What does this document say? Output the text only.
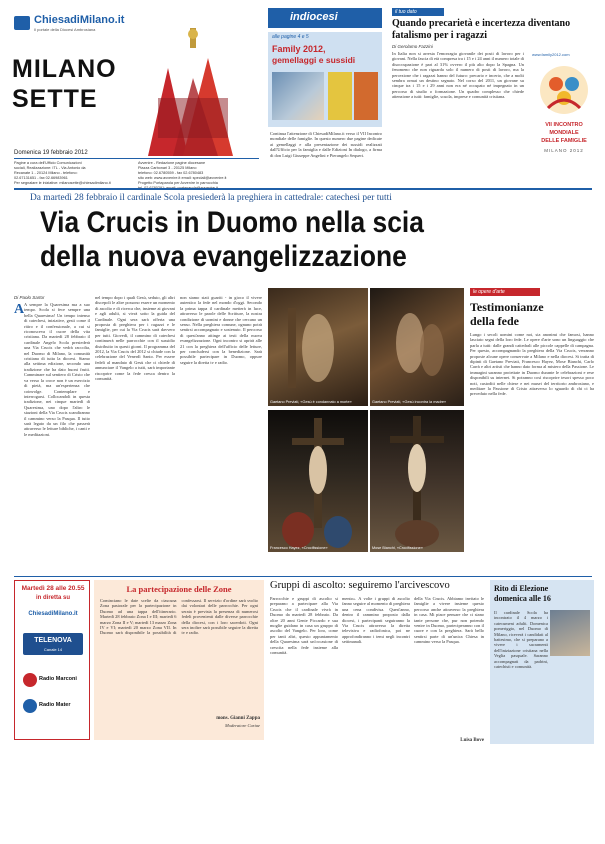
ChiesadiMilano.it
Il portale della Diocesi Ambrosiana
MILANO
SETTE
Domenica 19 febbraio 2012
Pagine a cura dell'Ufficio Comunicazioni
sociali, Realizzazione: ITL - Via Antonio da
Recanate 1 - 20124 Milano - telefono:
02.67131651 - fax 02.66983961
Per segnalare le iniziative: milanosette@chiesadimilano.it
Avvenire - Redazione pagine diocesane
Piazza Carbonari 3 - 20125 Milano
telefono: 02.6780559 - fax 02.6780483
sito web: www.avvenire.it email: speciali@avvenire.it
Progetto Portaparola per Avvenire in parrocchia
indiocesi
alle pagine 4 e 5
Family 2012,
gemellaggi e sussidi
Continua l'attenzione di ChiesadiMilano.it verso il VII Incontro mondiale delle famiglie. In questo numero due pagine dedicate ai gemellaggi e alla presentazione dei sussidi realizzati dall'Ufficio per la famiglia e dalle Edizioni In dialogo, a firma di don Luigi Giuseppe Angelini e Pierangelo Sequeri.
il tuo dato
Quando precarietà e incertezza diventano fatalismo per i ragazzi
Di Gerolamo Fazzini
In Italia non si arresta l'emorragia giovanile dei posti di lavoro per i giovani. Nella fascia di età compresa tra i 15 e i 24 anni il numero totale di disoccupazione è pari al 31% ovvero il più alto dopo la Spagna. Un fenomeno che non riguarda solo il numero di posti di lavoro, ma la percezione che i ragazzi hanno del futuro: precario e incerto, che a molti sembra ormai un destino segnato. Nel corso del 2011, un giovane su cinque tra i 15 e i 29 anni non era né occupato né impegnato in un percorso di studio o formazione. Un quadro complesso che chiede attenzione a tutti: famiglie, scuola, imprese e comunità cristiana.
www.family2012.com
VII INCONTRO
MONDIALE
DELLE FAMIGLIE
MILANO 2012
Da martedì 28 febbraio il cardinale Scola presiederà la preghiera in cattedrale: catechesi per tutti
Via Crucis in Duomo nella scia
della nuova evangelizzazione
Di Paolo Sartor
A A sempre la Quaresima ma a suo tempo. Scola si fece sempre una bella Quaresima! Un tempo intenso di catechesi, iniziative, gesti come il ritiro e il confessionale, a cui si riconosceva il cuore della vita cristiana. Da martedì 28 febbraio il cardinale Angelo Scola presiederà una Via Crucis che vedrà raccolta, nel Duomo di Milano, la comunità cristiana di tutta la diocesi. Siamo alla settima edizione, secondo una tradizione che ha dato buoni frutti. Camminare sul sentiero di Cristo che va verso la croce non è un esercizio di pietà, ma un'esperienza che coinvolge. Contemplare e interrogarsi. Collocandoli in questa tradizione, nei cinque martedì di Quaresima, uno dopo l'altro le stazioni della Via Crucis scandiranno il cammino verso la Pasqua. Il tutto sarà legato da un filo che passerà attraverso le letture bibliche, i canti e le meditazioni.
nel tempo dopo i quali Gesù, seduto, gli altri discepoli le altre possono essere un momento di ascolto e di ricerca che, insieme ai giovani e agli adulti, si vivrà sotto la guida del Cardinale. Ogni sera sarà offerta una proposta di preghiera per i ragazzi e le famiglie, per cui la Via Crucis sarà davvero per tutti. Giovedì, il cammino di catechesi continuerà nelle parrocchie con il sussidio distribuito in questi giorni. Il programma del 2012, la Via Crucis del 2012 si chiude con la celebrazione del Venerdì Santo. Per essere fedeli al mandato di Gesù che ci chiede di annunciare il Vangelo a tutti, sarà importante riscoprire come la fede cresca dentro la comunità.
non siamo stati guariti - in gioco il vivere autentico la fede nel mondo d'oggi. Secondo la prima tappa il cardinale metterà in luce, attraverso le parole delle Scritture, la nostra condizione di uomini e donne che cercano un senso. Nella preghiera comune, ognuno potrà sentirsi accompagnato e sostenuto. Il percorso di quest'anno attinge ai testi della nuova evangelizzazione. Ogni incontro si aprirà alle 21 con la preghiera dell'ufficio delle letture, per concludersi con la benedizione. Sarà possibile partecipare in Duomo, oppure seguire la diretta tv e radio.
Gaetano Previati, «Gesù è condannato a morte»	Gaetano Previati, «Gesù incontra la madre»
Francesco Hayez, «Crocifissione»	Mose Bianchi, «Crocifissione»
le opere d'arte
Testimonianze
della fede
Lungo i secoli uomini come noi, sia anonimi che famosi, hanno lasciato segni della loro fede. Le opere d'arte sono un linguaggio che parla a tutti: dalle grandi cattedrali alle piccole cappelle di campagna. Per questo, accompagnando la preghiera della Via Crucis, verranno proposte alcune opere conservate a Milano e nella diocesi. Si tratta di dipinti di Gaetano Previati, Francesco Hayez, Mose Bianchi, Carlo Carrà e altri artisti che hanno dato forma al mistero della Passione. Le immagini saranno proiettate in Duomo durante le celebrazioni e rese disponibili su internet. Si potranno così riscoprire tesori spesso poco noti, custoditi nelle chiese e nei musei del territorio ambrosiano, e meditare la Passione di Cristo attraverso lo sguardo di chi ci ha preceduto nella fede.
Martedì 28 alle 20.55
in diretta su
ChiesadiMilano.it
TELENOVA
Canale 14
Radio Marconi
Radio Mater
La partecipazione delle Zone
Cominciano le date scelte da ciascuna Zona pastorale per la partecipazione in Duomo ad una tappa dell'itinerario. Martedì 28 febbraio Zona I e III; martedì 6 marzo Zona II e V; martedì 13 marzo Zona IV e VI; martedì 20 marzo Zona VII. In Duomo sarà disponibile la possibilità di confessarsi. Il servizio d'ordine sarà svolto dai volontari delle parrocchie. Per ogni serata è prevista la presenza di numerosi fedeli provenienti dalle diverse parrocchie della diocesi, con i loro sacerdoti. Ogni sera inoltre sarà possibile seguire la diretta tv e radio.
mons. Gianni Zappa
Moderatore Curiae
Gruppi di ascolto: seguiremo l'arcivescovo
Parrocchie e gruppi di ascolto si preparano a partecipare alla Via Crucis che il cardinale vivrà in Duomo da martedì 28 febbraio. Da oltre 20 anni Gente Piccardo e sua moglie guidano in casa un gruppo di ascolto del Vangelo. Per loro, come per tanti altri, questo appuntamento della Quaresima sarà un'occasione di crescita nella fede insieme alla comunità.
mento». A volte i gruppi di ascolto fanno seguire al momento di preghiera una cena condivisa. Quest'anno, dentro il cammino proposto dalla diocesi, i partecipanti seguiranno la Via Crucis attraverso la diretta televisiva e radiofonica, poi ne approfondiranno i temi negli incontri settimanali.
della Via Crucis. Abbiamo invitato le famiglie a vivere insieme questo percorso anche attraverso la preghiera in casa. Mi piace pensare che ci siano tante persone che, pur non potendo venire in Duomo, parteciperanno con il cuore e con la preghiera. Sarà bello sentirsi parte di un'unica Chiesa in cammino verso la Pasqua.
Luisa Bove
Rito di Elezione
domenica alle 16
Il cardinale Scola ha incontrato il 4 marzo i catecumeni adulti. Domenica pomeriggio, nel Duomo di Milano, riceverà i candidati al battesimo, che si preparano a vivere i sacramenti dell'iniziazione cristiana nella Veglia pasquale. Saranno accompagnati da padrini, catechisti e comunità.
